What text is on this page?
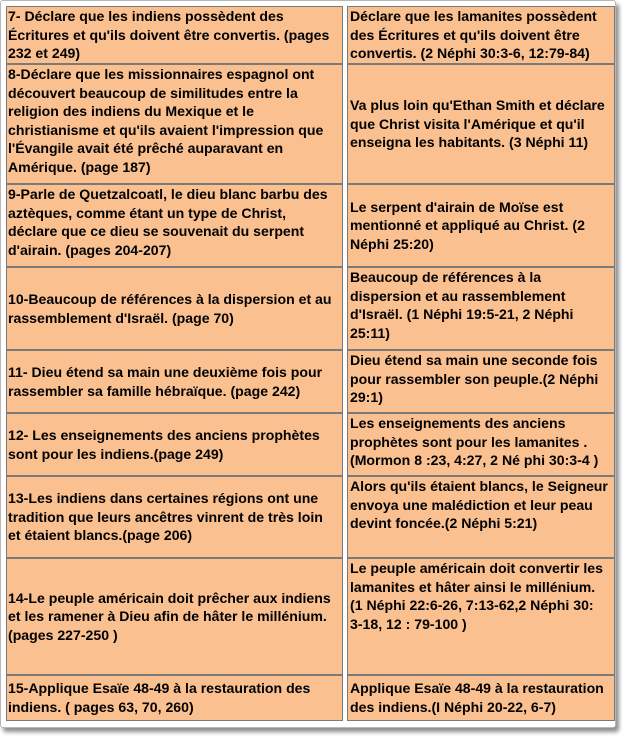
7- Déclare que les indiens possèdent des Écritures et qu'ils doivent être convertis. (pages 232 et 249)		Déclare que les lamanites possèdent des Écritures et qu'ils doivent être convertis. (2 Néphi 30:3-6, 12:79-84)
8-Déclare que les missionnaires espagnol ont découvert beaucoup de similitudes entre la religion des indiens du Mexique et le christianisme et qu'ils avaient l'impression que l'Évangile avait été prêché auparavant en Amérique. (page 187)		Va plus loin qu'Ethan Smith et déclare que Christ visita l'Amérique et qu'il enseigna les habitants. (3 Néphi 11)
9-Parle de Quetzalcoatl, le dieu blanc barbu des aztèques, comme étant un type de Christ, déclare que ce dieu se souvenait du serpent d'airain. (pages 204-207)		Le serpent d'airain de Moïse est mentionné et appliqué au Christ. (2 Néphi 25:20)
10-Beaucoup de références à la dispersion et au rassemblement d'Israël. (page 70)		Beaucoup de références à la dispersion et au rassemblement d'Israël. (1 Néphi 19:5-21, 2 Néphi 25:11)
11- Dieu étend sa main une deuxième fois pour rassembler sa famille hébraïque. (page 242)		Dieu étend sa main une seconde fois pour rassembler son peuple.(2 Néphi 29:1)
12- Les enseignements des anciens prophètes sont pour les indiens.(page 249)		Les enseignements des anciens prophètes sont pour les lamanites . (Mormon 8 :23, 4:27, 2 Né phi 30:3-4 )
13-Les indiens dans certaines régions ont une tradition que leurs ancêtres vinrent de très loin et étaient blancs.(page 206)		Alors qu'ils étaient blancs, le Seigneur envoya une malédiction et leur peau devint foncée.(2 Néphi 5:21)
14-Le peuple américain doit prêcher aux indiens et les ramener à Dieu afin de hâter le millénium. (pages 227-250 )		Le peuple américain doit convertir les lamanites et hâter ainsi le millénium. (1 Néphi 22:6-26, 7:13-62,2 Néphi 30: 3-18, 12 : 79-100 )
15-Applique Esaïe 48-49 à la restauration des indiens. ( pages 63, 70, 260)		Applique Esaïe 48-49 à la restauration des indiens.(I Néphi 20-22, 6-7)
